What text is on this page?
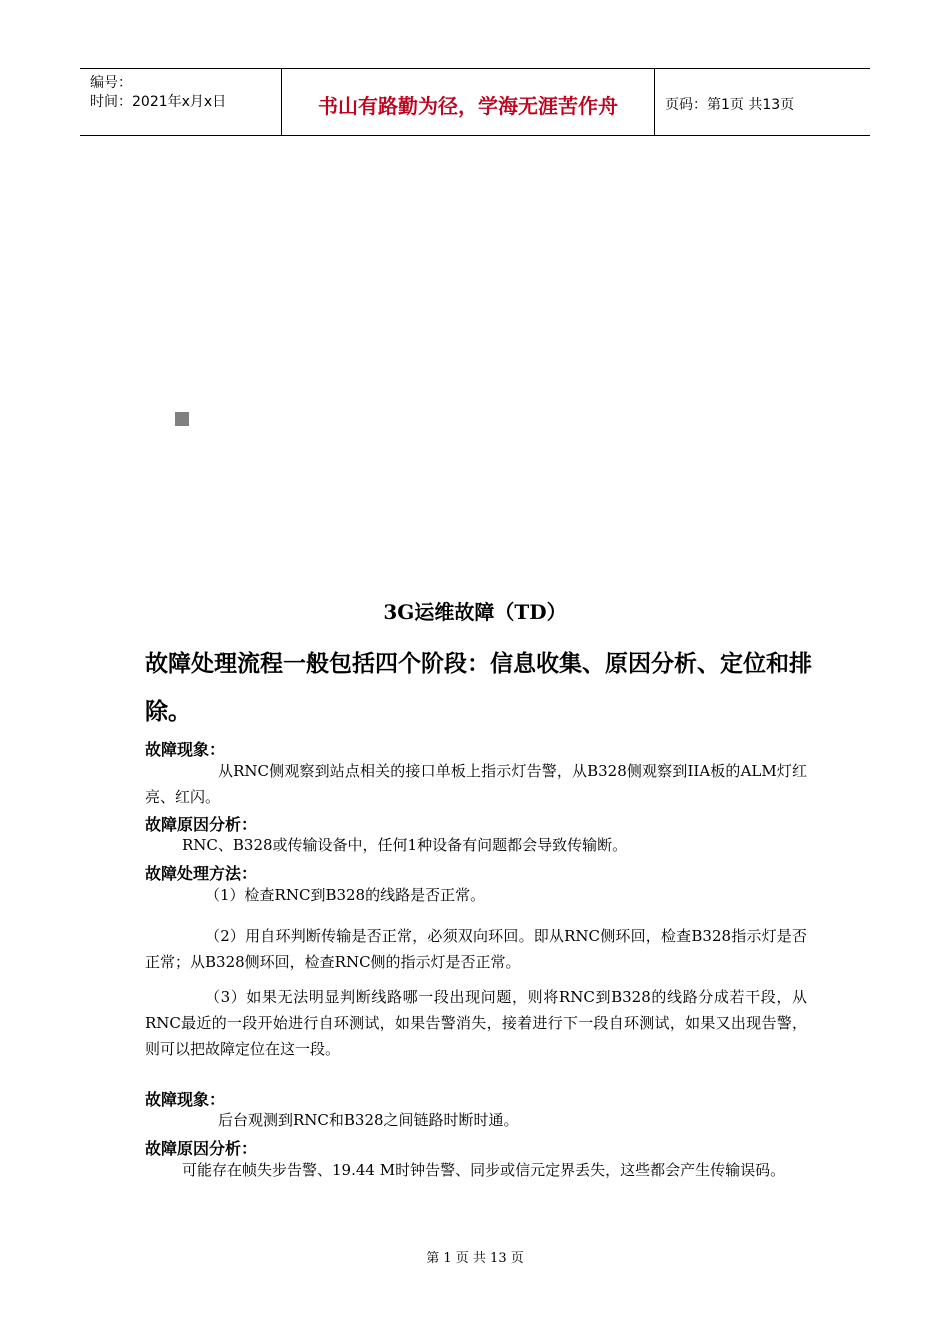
编号：
时间：2021年x月x日	书山有路勤为径，学海无涯苦作舟	页码：第1页 共13页
3G运维故障（TD）
故障处理流程一般包括四个阶段：信息收集、原因分析、定位和排除。
故障现象：
从RNC侧观察到站点相关的接口单板上指示灯告警，从B328侧观察到IIA板的ALM灯红亮、红闪。
故障原因分析：
RNC、B328或传输设备中，任何1种设备有问题都会导致传输断。
故障处理方法：
（1）检查RNC到B328的线路是否正常。
（2）用自环判断传输是否正常，必须双向环回。即从RNC侧环回，检查B328指示灯是否正常；从B328侧环回，检查RNC侧的指示灯是否正常。
（3）如果无法明显判断线路哪一段出现问题，则将RNC到B328的线路分成若干段，从RNC最近的一段开始进行自环测试，如果告警消失，接着进行下一段自环测试，如果又出现告警，则可以把故障定位在这一段。
故障现象：
后台观测到RNC和B328之间链路时断时通。
故障原因分析：
可能存在帧失步告警、19.44 M时钟告警、同步或信元定界丢失，这些都会产生传输误码。
第 1 页 共 13 页
